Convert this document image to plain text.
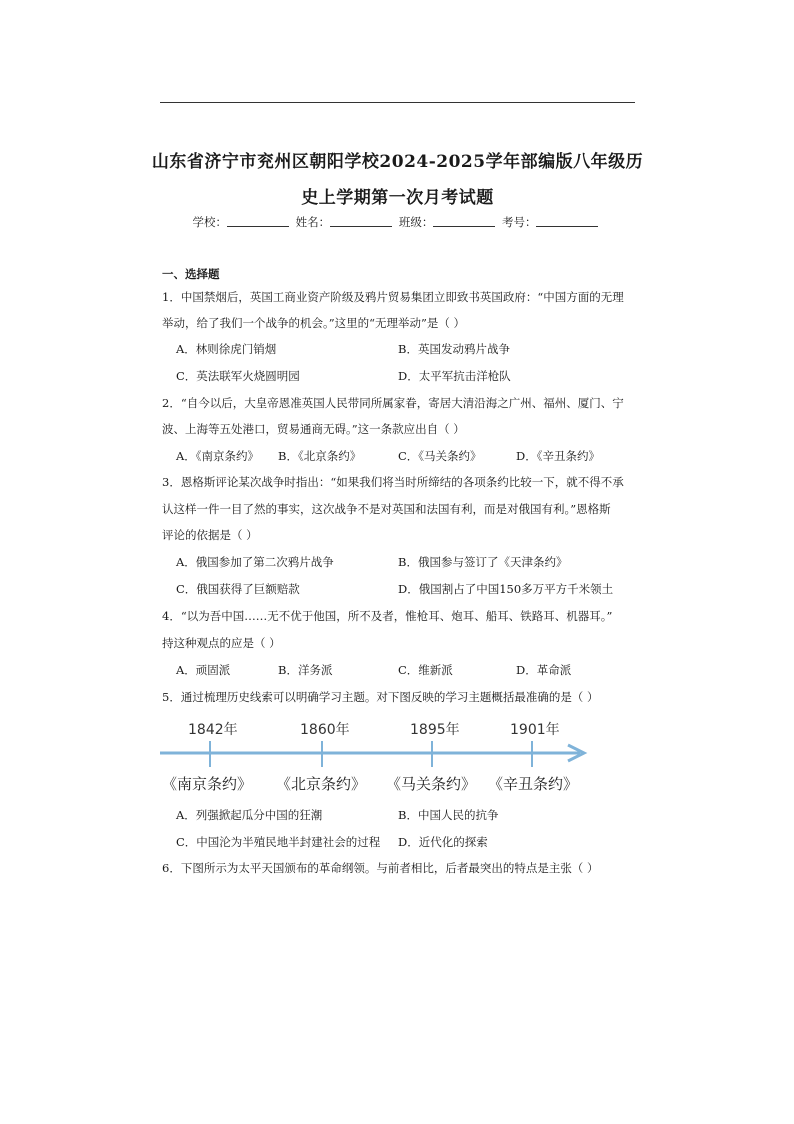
山东省济宁市兖州区朝阳学校2024-2025学年部编版八年级历
史上学期第一次月考试题
学校：	姓名：	班级：	考号：
一、选择题
1．中国禁烟后，英国工商业资产阶级及鸦片贸易集团立即致书英国政府：“中国方面的无理
举动，给了我们一个战争的机会。”这里的“无理举动”是（ ）
A．林则徐虎门销烟	B．英国发动鸦片战争
C．英法联军火烧圆明园	D．太平军抗击洋枪队
2．“自今以后，大皇帝恩准英国人民带同所属家眷，寄居大清沿海之广州、福州、厦门、宁
波、上海等五处港口，贸易通商无碍。”这一条款应出自（ ）
A．《南京条约》 B．《北京条约》	C．《马关条约》	D．《辛丑条约》
3．恩格斯评论某次战争时指出：“如果我们将当时所缔结的各项条约比较一下，就不得不承
认这样一件一目了然的事实，这次战争不是对英国和法国有利，而是对俄国有利。”恩格斯
评论的依据是（ ）
A．俄国参加了第二次鸦片战争	B．俄国参与签订了《天津条约》
C．俄国获得了巨额赔款	D．俄国割占了中国150多万平方千米领土
4．“以为吾中国……无不优于他国，所不及者，惟枪耳、炮耳、船耳、铁路耳、机器耳。”
持这种观点的应是（ ）
A．顽固派	B．洋务派	C．维新派	D．革命派
5．通过梳理历史线索可以明确学习主题。对下图反映的学习主题概括最准确的是（ ）
1842年	1860年	1895年	1901年
《南京条约》 《北京条约》 《马关条约》 《辛丑条约》
A．列强掀起瓜分中国的狂潮	B．中国人民的抗争
C．中国沦为半殖民地半封建社会的过程 D．近代化的探索
6．下图所示为太平天国颁布的革命纲领。与前者相比，后者最突出的特点是主张（ ）
